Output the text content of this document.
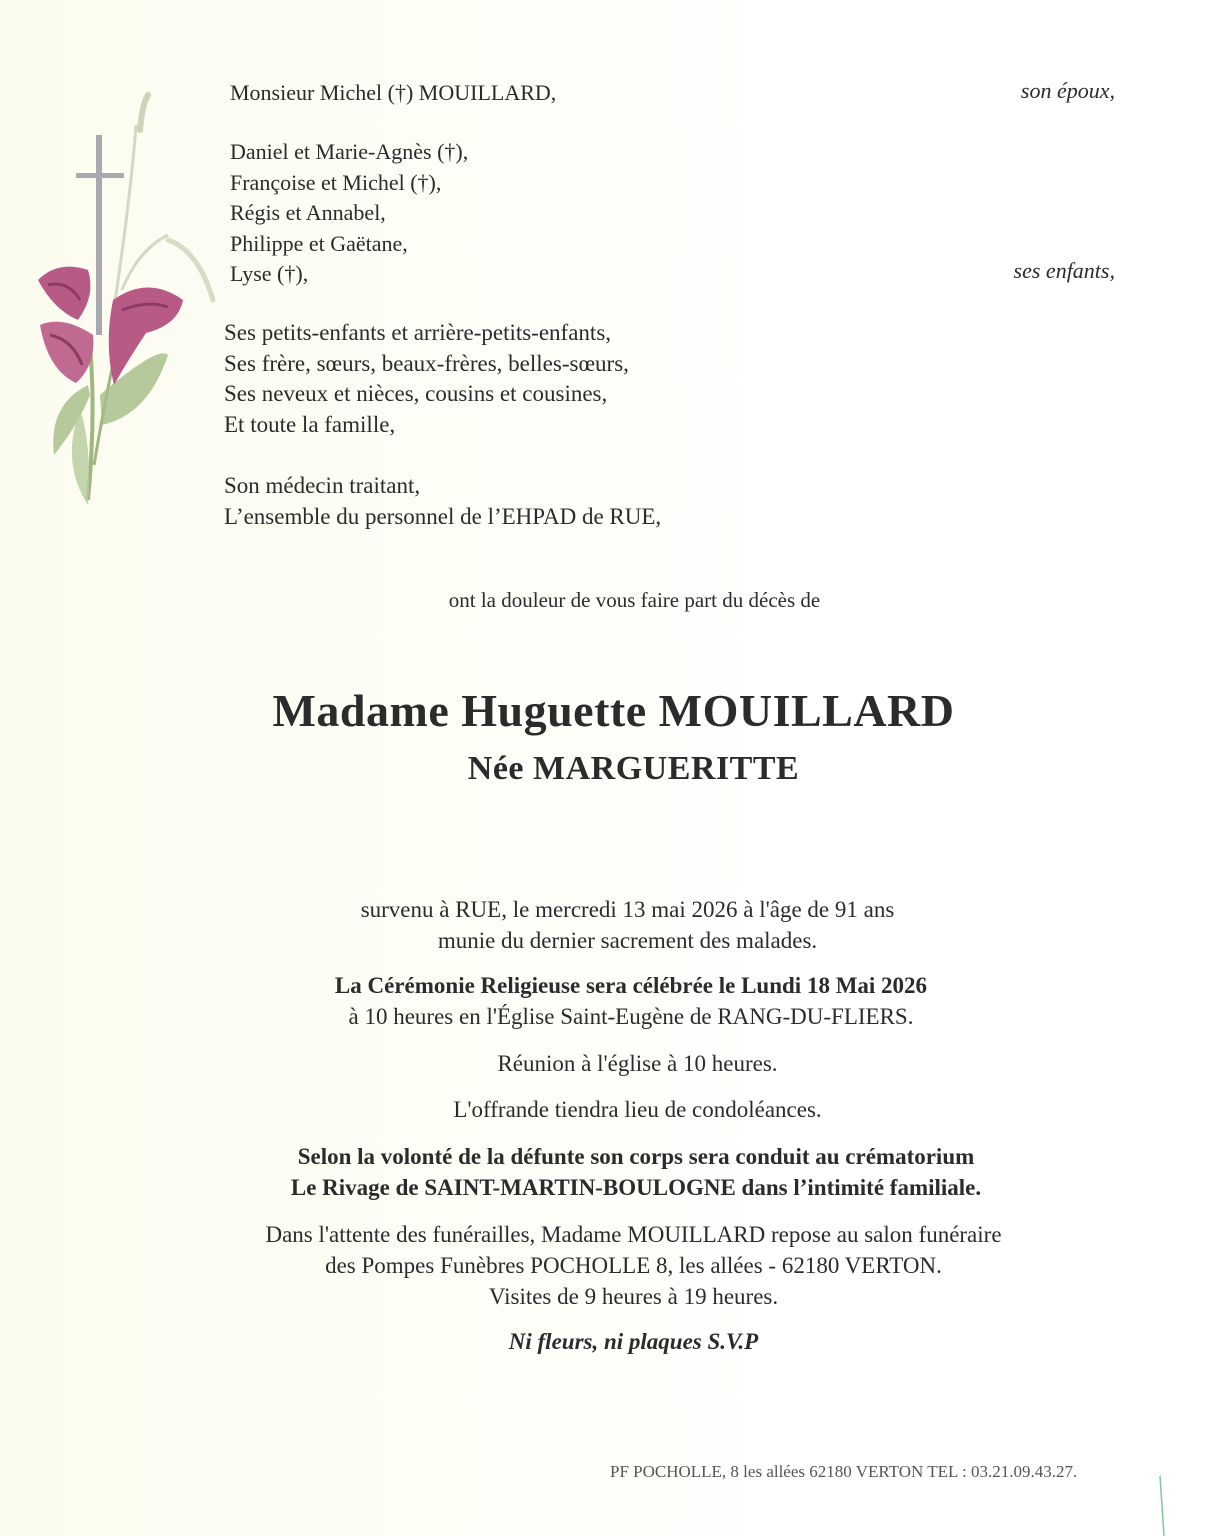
Monsieur Michel (†) MOUILLARD,	son époux,
Daniel et Marie-Agnès (†),
Françoise et Michel (†),
Régis et Annabel,
Philippe et Gaëtane,
Lyse (†),	ses enfants,
Ses petits-enfants et arrière-petits-enfants,
Ses frère, sœurs, beaux-frères, belles-sœurs,
Ses neveux et nièces, cousins et cousines,
Et toute la famille,
Son médecin traitant,
L’ensemble du personnel de l’EHPAD de RUE,
ont la douleur de vous faire part du décès de
Madame Huguette MOUILLARD
Née MARGUERITTE
survenu à RUE, le mercredi 13 mai 2026 à l'âge de 91 ans
munie du dernier sacrement des malades.
La Cérémonie Religieuse sera célébrée le Lundi 18 Mai 2026
à 10 heures en l'Église Saint-Eugène de RANG-DU-FLIERS.
Réunion à l'église à 10 heures.
L'offrande tiendra lieu de condoléances.
Selon la volonté de la défunte son corps sera conduit au crématorium
Le Rivage de SAINT-MARTIN-BOULOGNE dans l’intimité familiale.
Dans l'attente des funérailles, Madame MOUILLARD repose au salon funéraire
des Pompes Funèbres POCHOLLE 8, les allées - 62180 VERTON.
Visites de 9 heures à 19 heures.
Ni fleurs, ni plaques S.V.P
PF POCHOLLE, 8 les allées 62180 VERTON TEL : 03.21.09.43.27.
